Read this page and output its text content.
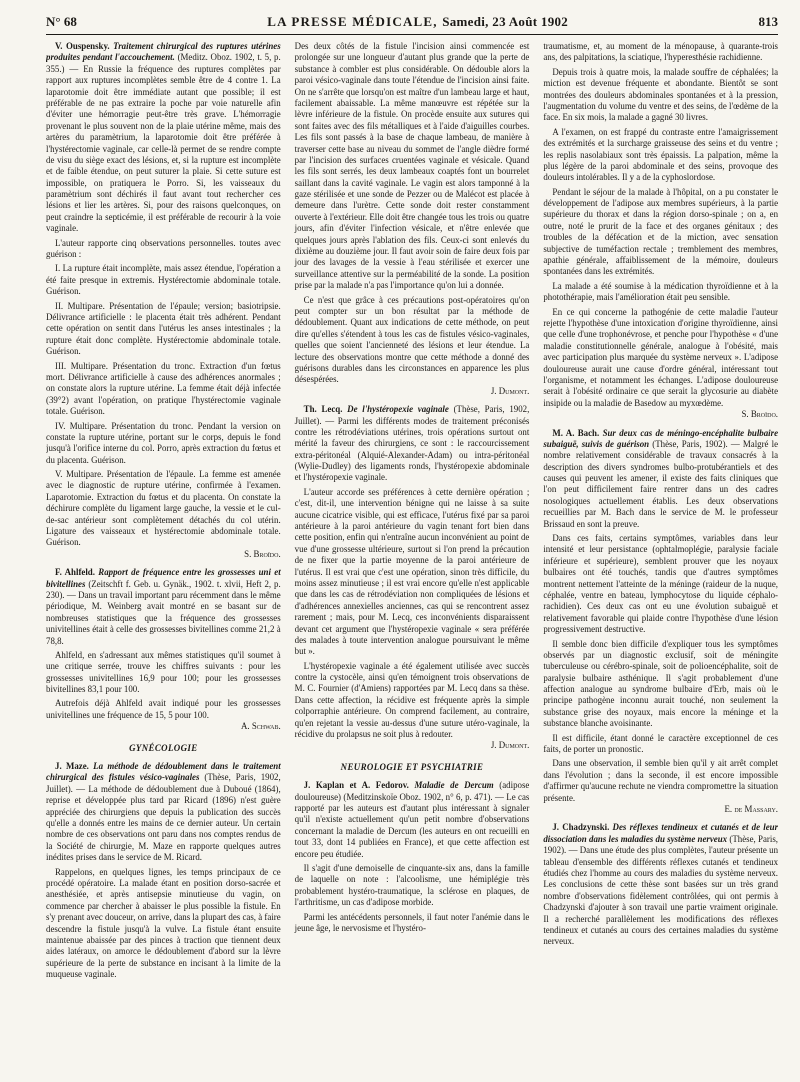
N° 68	LA PRESSE MÉDICALE, Samedi, 23 Août 1902	813

V. Ouspensky. Traitement chirurgical des ruptures utérines produites pendant l'accouchement. (Meditz. Oboz. 1902, t. 5, p. 355.) — En Russie la fréquence des ruptures complètes par rapport aux ruptures incomplètes semble être de 4 contre 1. La laparotomie doit être immédiate autant que possible; il est préférable de ne pas extraire la poche par voie naturelle afin d'éviter une hémorragie peut-être très grave. L'hémorragie provenant le plus souvent non de la plaie utérine même, mais des artères du paramètrium, la laparotomie doit être préférée à l'hystérectomie vaginale, car celle-là permet de se rendre compte de visu du siège exact des lésions, et, si la rupture est incomplète et de faible étendue, on peut suturer la plaie. Si cette suture est impossible, on pratiquera le Porro. Si, les vaisseaux du paramètrium sont déchirés il faut avant tout rechercher ces lésions et lier les artères. Si, pour des raisons quelconques, on peut craindre la septicémie, il est préférable de recourir à la voie vaginale.

L'auteur rapporte cinq observations personnelles. toutes avec guérison :

I. La rupture était incomplète, mais assez étendue, l'opération a été faite presque in extremis. Hystérectomie abdominale totale. Guérison.

II. Multipare. Présentation de l'épaule; version; basiotripsie. Délivrance artificielle : le placenta était très adhérent. Pendant cette opération on sentit dans l'utérus les anses intestinales ; la rupture était donc complète. Hystérectomie abdominale totale. Guérison.

III. Multipare. Présentation du tronc. Extraction d'un fœtus mort. Délivrance artificielle à cause des adhérences anormales ; on constate alors la rupture utérine. La femme était déjà infectée (39°2) avant l'opération, on pratique l'hystérectomie vaginale totale. Guérison.

IV. Multipare. Présentation du tronc. Pendant la version on constate la rupture utérine, portant sur le corps, depuis le fond jusqu'à l'orifice interne du col. Porro, après extraction du fœtus et du placenta. Guérison.

V. Multipare. Présentation de l'épaule. La femme est amenée avec le diagnostic de rupture utérine, confirmée à l'examen. Laparotomie. Extraction du fœtus et du placenta. On constate la déchirure complète du ligament large gauche, la vessie et le cul-de-sac antérieur sont complètement détachés du col utérin. Ligature des vaisseaux et hystérectomie abdominale totale. Guérison.

S. Broïdo.

F. Ahlfeld. Rapport de fréquence entre les grossesses uni et bivitellines (Zeitschft f. Geb. u. Gynäk., 1902. t. xlvii, Heft 2, p. 230). — Dans un travail important paru récemment dans le même périodique, M. Weinberg avait montré en se basant sur de nombreuses statistiques que la fréquence des grossesses univitellines était à celle des grossesses bivitellines comme 21,2 à 78,8.

Ahlfeld, en s'adressant aux mêmes statistiques qu'il soumet à une critique serrée, trouve les chiffres suivants : pour les grossesses univitellines 16,9 pour 100; pour les grossesses bivitellines 83,1 pour 100.

Autrefois déjà Ahlfeld avait indiqué pour les grossesses univitellines une fréquence de 15, 5 pour 100.

A. Schwab.

GYNÉCOLOGIE

J. Maze. La méthode de dédoublement dans le traitement chirurgical des fistules vésico-vaginales (Thèse, Paris, 1902, Juillet). — La méthode de dédoublement due à Duboué (1864), reprise et développée plus tard par Ricard (1896) n'est guère appréciée des chirurgiens que depuis la publication des succès qu'elle a donnés entre les mains de ce dernier auteur. Un certain nombre de ces observations ont paru dans nos comptes rendus de la Société de chirurgie, M. Maze en rapporte quelques autres inédites prises dans le service de M. Ricard.

Rappelons, en quelques lignes, les temps principaux de ce procédé opératoire. La malade étant en position dorso-sacrée et anesthésiée, et après antisepsie minutieuse du vagin, on commence par chercher à abaisser le plus possible la fistule. En s'y prenant avec douceur, on arrive, dans la plupart des cas, à faire descendre la fistule jusqu'à la vulve. La fistule étant ensuite maintenue abaissée par des pinces à traction que tiennent deux aides latéraux, on amorce le dédoublement d'abord sur la lèvre supérieure de la perte de substance en incisant à la limite de la muqueuse vaginale.

Des deux côtés de la fistule l'incision ainsi commencée est prolongée sur une longueur d'autant plus grande que la perte de substance à combler est plus considérable. On dédouble alors la paroi vésico-vaginale dans toute l'étendue de l'incision ainsi faite. On ne s'arrête que lorsqu'on est maître d'un lambeau large et haut, facilement abaissable. La même manœuvre est répétée sur la lèvre inférieure de la fistule. On procède ensuite aux sutures qui sont faites avec des fils métalliques et à l'aide d'aiguilles courbes. Les fils sont passés à la base de chaque lambeau, de manière à traverser cette base au niveau du sommet de l'angle dièdre formé par l'incision des surfaces cruentées vaginale et vésicale. Quand les fils sont serrés, les deux lambeaux coaptés font un bourrelet saillant dans la cavité vaginale. Le vagin est alors tamponné à la gaze stérilisée et une sonde de Pezzer ou de Malécot est placée à demeure dans l'urètre. Cette sonde doit rester constamment ouverte à l'extérieur. Elle doit être changée tous les trois ou quatre jours, afin d'éviter l'infection vésicale, et n'être enlevée que quelques jours après l'ablation des fils. Ceux-ci sont enlevés du dixième au douzième jour. Il faut avoir soin de faire deux fois par jour des lavages de la vessie à l'eau stérilisée et exercer une surveillance attentive sur la perméabilité de la sonde. La position prise par la malade n'a pas l'importance qu'on lui a donnée.

Ce n'est que grâce à ces précautions post-opératoires qu'on peut compter sur un bon résultat par la méthode de dédoublement. Quant aux indications de cette méthode, on peut dire qu'elles s'étendent à tous les cas de fistules vésico-vaginales, quelles que soient l'ancienneté des lésions et leur étendue. La lecture des observations montre que cette méthode a donné des guérisons durables dans les circonstances en apparence les plus désespérées.

J. Dumont.

Th. Lecq. De l'hystéropexie vaginale (Thèse, Paris, 1902, Juillet). — Parmi les différents modes de traitement préconisés contre les rétrodéviations utérines, trois opérations surtout ont mérité la faveur des chirurgiens, ce sont : le raccourcissement extra-péritonéal (Alquié-Alexander-Adam) ou intra-péritonéal (Wylie-Dudley) des ligaments ronds, l'hystéropexie abdominale et l'hystéropexie vaginale.

L'auteur accorde ses préférences à cette dernière opération ; c'est, dit-il, une intervention bénigne qui ne laisse à sa suite aucune cicatrice visible, qui est efficace, l'utérus fixé par sa paroi antérieure à la paroi antérieure du vagin tenant fort bien dans cette position, enfin qui n'entraîne aucun inconvénient au point de vue d'une grossesse ultérieure, surtout si l'on prend la précaution de ne fixer que la partie moyenne de la paroi antérieure de l'utérus. Il est vrai que c'est une opération, sinon très difficile, du moins assez minutieuse ; il est vrai encore qu'elle n'est applicable que dans les cas de rétrodéviation non compliquées de lésions et d'adhérences annexielles anciennes, cas qui se rencontrent assez rarement ; mais, pour M. Lecq, ces inconvénients disparaissent devant cet argument que l'hystéropexie vaginale « sera préférée des malades à toute intervention analogue poursuivant le même but ».

L'hystéropexie vaginale a été également utilisée avec succès contre la cystocèle, ainsi qu'en témoignent trois observations de M. C. Fournier (d'Amiens) rapportées par M. Lecq dans sa thèse. Dans cette affection, la récidive est fréquente après la simple colporraphie antérieure. On comprend facilement, au contraire, qu'en rejetant la vessie au-dessus d'une suture utéro-vaginale, la récidive du prolapsus ne soit plus à redouter.

J. Dumont.

NEUROLOGIE ET PSYCHIATRIE

J. Kaplan et A. Fedorov. Maladie de Dercum (adipose douloureuse) (Meditzinskoïe Oboz. 1902, n° 6, p. 471). — Le cas rapporté par les auteurs est d'autant plus intéressant à signaler qu'il n'existe actuellement qu'un petit nombre d'observations concernant la maladie de Dercum (les auteurs en ont recueilli en tout 33, dont 14 publiées en France), et que cette affection est encore peu étudiée.

Il s'agit d'une demoiselle de cinquante-six ans, dans la famille de laquelle on note : l'alcoolisme, une hémiplégie très probablement hystéro-traumatique, la sclérose en plaques, de l'arthritisme, un cas d'adipose morbide.

Parmi les antécédents personnels, il faut noter l'anémie dans le jeune âge, le nervosisme et l'hystéro-

traumatisme, et, au moment de la ménopause, à quarante-trois ans, des palpitations, la sciatique, l'hyperesthésie rachidienne.

Depuis trois à quatre mois, la malade souffre de céphalées; la miction est devenue fréquente et abondante. Bientôt se sont montrées des douleurs abdominales spontanées et à la pression, l'augmentation du volume du ventre et des seins, de l'œdème de la face. En six mois, la malade a gagné 30 livres.

A l'examen, on est frappé du contraste entre l'amaigrissement des extrémités et la surcharge graisseuse des seins et du ventre ; les replis nasolabiaux sont très épaissis. La palpation, même la plus légère de la paroi abdominale et des seins, provoque des douleurs intolérables. Il y a de la cyphoslordose.

Pendant le séjour de la malade à l'hôpital, on a pu constater le développement de l'adipose aux membres supérieurs, à la partie supérieure du thorax et dans la région dorso-spinale ; on a, en outre, noté le prurit de la face et des organes génitaux ; des troubles de la défécation et de la miction, avec sensation subjective de tuméfaction rectale ; tremblement des membres, apathie générale, affaiblissement de la mémoire, douleurs spontanées dans les extrémités.

La malade a été soumise à la médication thyroïdienne et à la photothérapie, mais l'amélioration était peu sensible.

En ce qui concerne la pathogénie de cette maladie l'auteur rejette l'hypothèse d'une intoxication d'origine thyroïdienne, ainsi que celle d'une trophonévrose, et penche pour l'hypothèse « d'une maladie constitutionnelle générale, analogue à l'obésité, mais avec participation plus marquée du système nerveux ». L'adipose douloureuse aurait une cause d'ordre général, intéressant tout l'organisme, et notamment les échanges. L'adipose douloureuse serait à l'obésité ordinaire ce que serait la glycosurie au diabète insipide ou la maladie de Basedow au myxœdème.

S. Broïdo.

M. A. Bach. Sur deux cas de méningo-encéphalite bulbaire subaiguë, suivis de guérison (Thèse, Paris, 1902). — Malgré le nombre relativement considérable de travaux consacrés à la description des divers syndromes bulbo-protubérantiels et des causes qui peuvent les amener, il existe des faits cliniques que l'on peut difficilement faire rentrer dans un des cadres nosologiques actuellement établis. Les deux observations recueillies par M. Bach dans le service de M. le professeur Brissaud en sont la preuve.

Dans ces faits, certains symptômes, variables dans leur intensité et leur persistance (ophtalmoplégie, paralysie faciale inférieure et supérieure), semblent prouver que les noyaux bulbaires ont été touchés, tandis que d'autres symptômes montrent nettement l'atteinte de la méninge (raideur de la nuque, céphalée, ventre en bateau, lymphocytose du liquide céphalo-rachidien). Ces deux cas ont eu une évolution subaiguë et relativement favorable qui plaide contre l'hypothèse d'une lésion progressivement destructive.

Il semble donc bien difficile d'expliquer tous les symptômes observés par un diagnostic exclusif, soit de méningite tuberculeuse ou cérébro-spinale, soit de polioencéphalite, soit de paralysie bulbaire asthénique. Il s'agit probablement d'une affection analogue au syndrome bulbaire d'Erb, mais où le principe pathogène inconnu aurait touché, non seulement la substance grise des noyaux, mais encore la méninge et la substance blanche avoisinante.

Il est difficile, étant donné le caractère exceptionnel de ces faits, de porter un pronostic.

Dans une observation, il semble bien qu'il y ait arrêt complet dans l'évolution ; dans la seconde, il est encore impossible d'affirmer qu'aucune rechute ne viendra compromettre la situation présente.

E. de Massary.

J. Chadzynski. Des réflexes tendineux et cutanés et de leur dissociation dans les maladies du système nerveux (Thèse, Paris, 1902). — Dans une étude des plus complètes, l'auteur présente un tableau d'ensemble des différents réflexes cutanés et tendineux étudiés chez l'homme au cours des maladies du système nerveux. Les conclusions de cette thèse sont basées sur un très grand nombre d'observations fidèlement contrôlées, qui ont permis à Chadzynski d'ajouter à son travail une partie vraiment originale. Il a recherché parallèlement les modifications des réflexes tendineux et cutanés au cours des certaines maladies du système nerveux.
